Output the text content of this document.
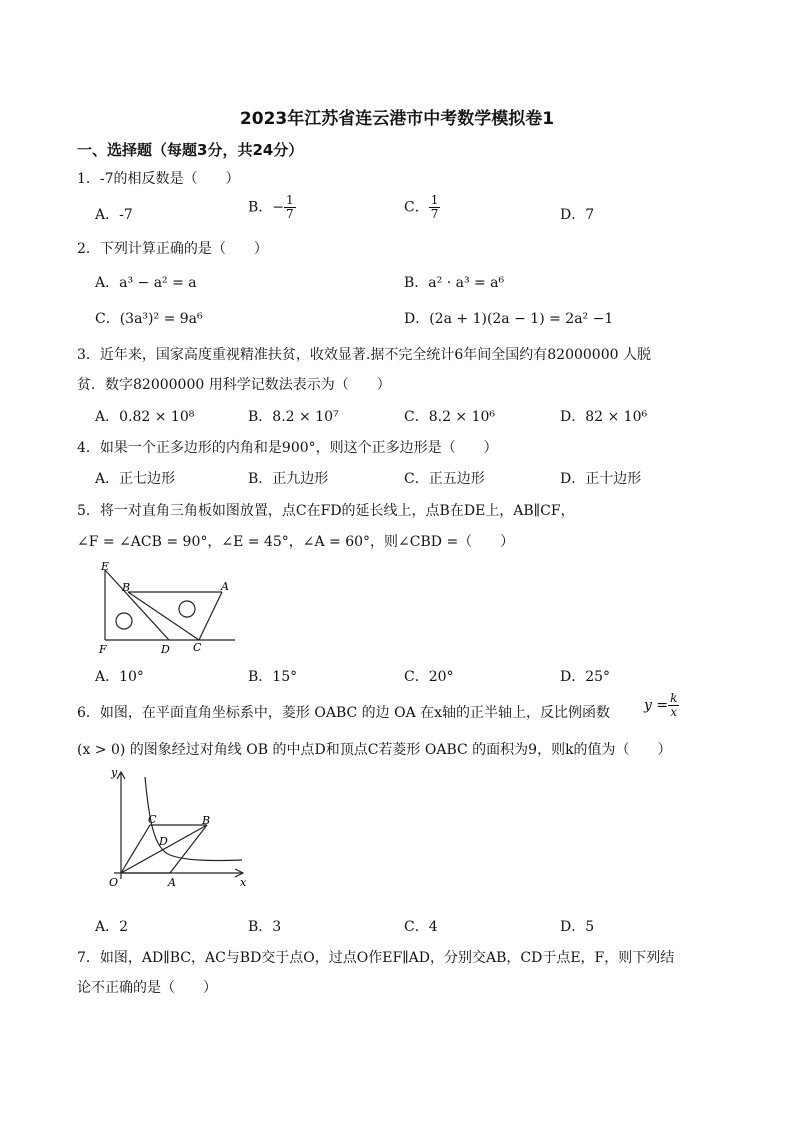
2023年江苏省连云港市中考数学模拟卷1
一、选择题（每题3分，共24分）
1．-7的相反数是（　　）
A．-7	B．− $\frac{1}{7}$	C． $\frac{1}{7}$	D．7
2．下列计算正确的是（　　）
A．a³ − a² = a	B．a² · a³ = a⁶
C．(3a³)² = 9a⁶	D．(2a + 1)(2a − 1) = 2a² −1
3．近年来，国家高度重视精准扶贫，收效显著.据不完全统计6年间全国约有82000000 人脱
贫．数字82000000 用科学记数法表示为（　　）
A．0.82 × 10⁸	B．8.2 × 10⁷	C．8.2 × 10⁶	D．82 × 10⁶
4．如果一个正多边形的内角和是900°，则这个正多边形是（　　）
A．正七边形	B．正九边形	C．正五边形	D．正十边形
5．将一对直角三角板如图放置，点C在FD的延长线上，点B在DE上，AB∥CF，
∠F = ∠ACB = 90°，∠E = 45°，∠A = 60°，则∠CBD =（　　）
E
B	A
F	D C
A．10°	B．15°	C．20°	D．25°
6．如图，在平面直角坐标系中，菱形 OABC 的边 OA 在x轴的正半轴上，反比例函数 $y = \frac{k}{x}$
(x > 0) 的图象经过对角线 OB 的中点D和顶点C若菱形 OABC 的面积为9，则k的值为（　　）
y
x
O	A
B
C
D
A．2	B．3	C．4	D．5
7．如图，AD∥BC，AC与BD交于点O，过点O作EF∥AD，分别交AB，CD于点E，F，则下列结
论不正确的是（　　）
